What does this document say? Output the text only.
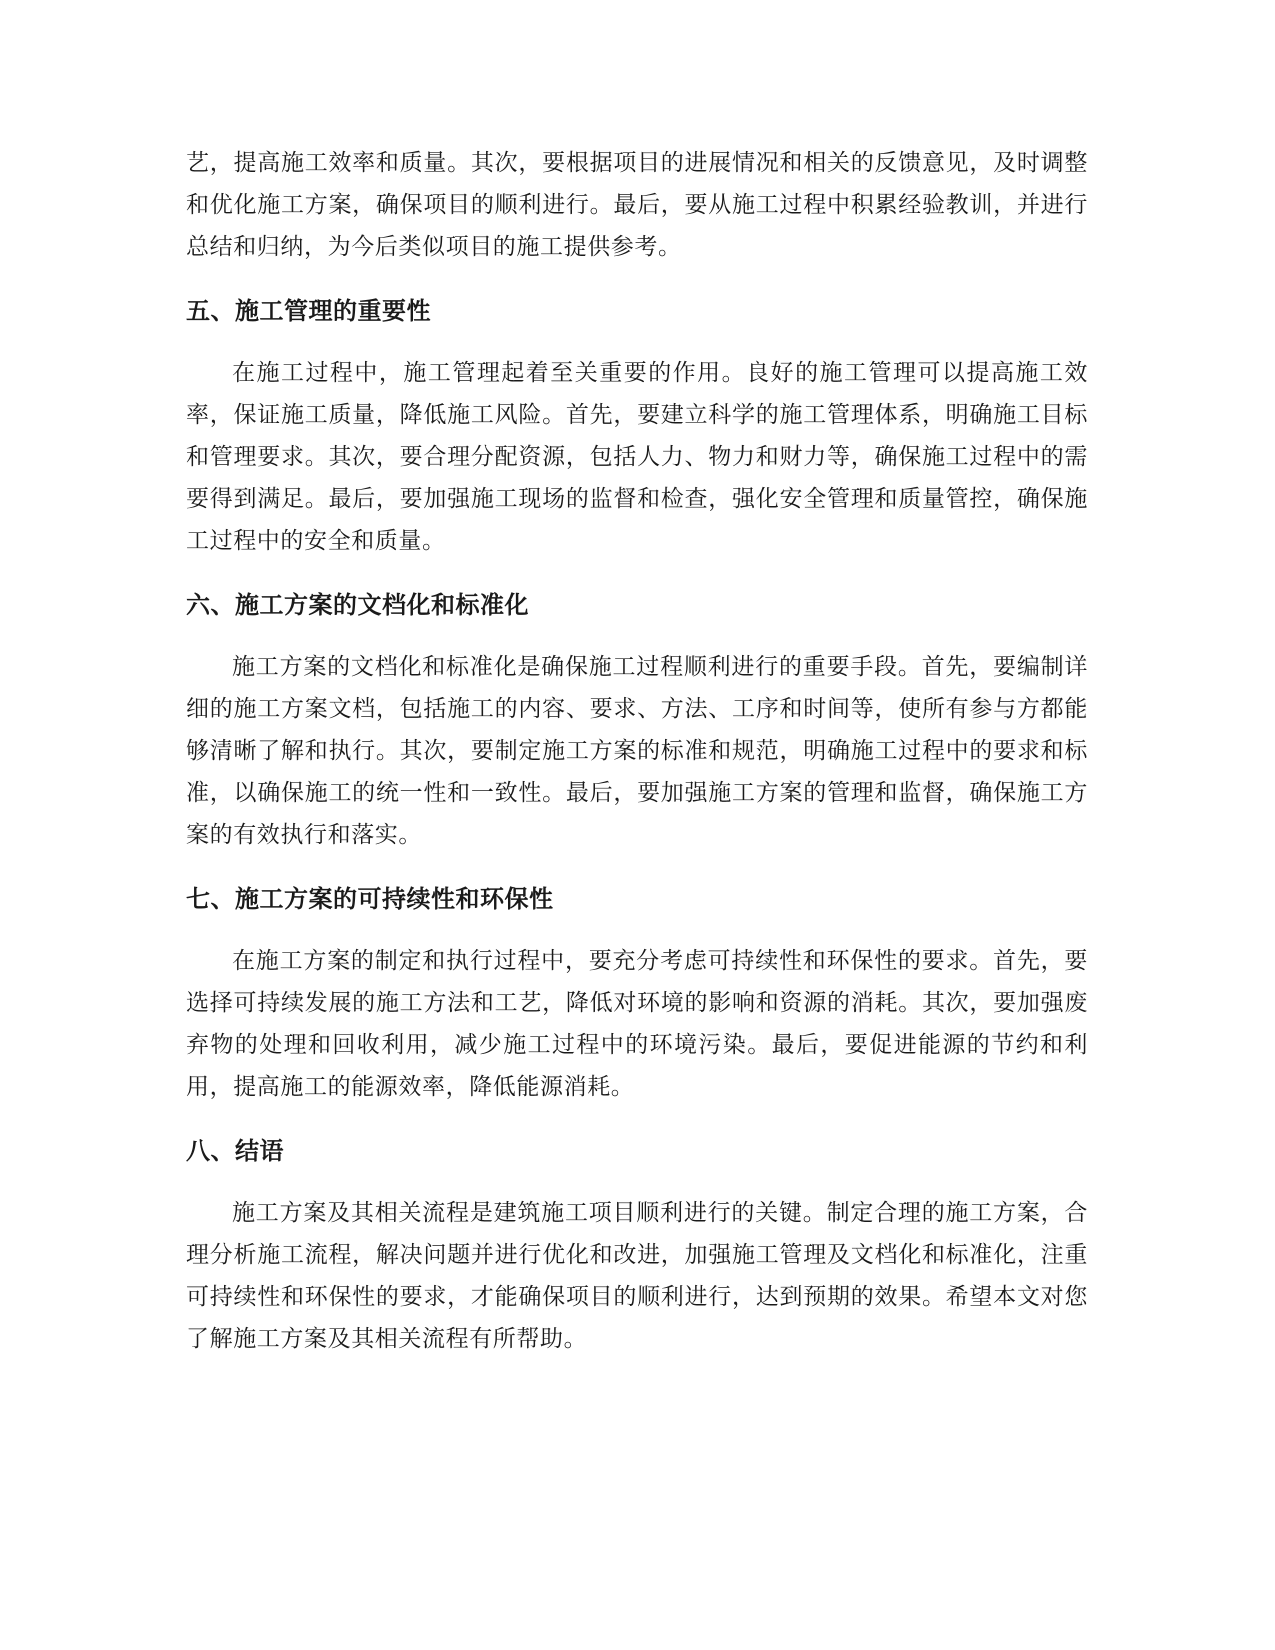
艺，提高施工效率和质量。其次，要根据项目的进展情况和相关的反馈意见，及时调整和优化施工方案，确保项目的顺利进行。最后，要从施工过程中积累经验教训，并进行总结和归纳，为今后类似项目的施工提供参考。

五、施工管理的重要性

在施工过程中，施工管理起着至关重要的作用。良好的施工管理可以提高施工效率，保证施工质量，降低施工风险。首先，要建立科学的施工管理体系，明确施工目标和管理要求。其次，要合理分配资源，包括人力、物力和财力等，确保施工过程中的需要得到满足。最后，要加强施工现场的监督和检查，强化安全管理和质量管控，确保施工过程中的安全和质量。

六、施工方案的文档化和标准化

施工方案的文档化和标准化是确保施工过程顺利进行的重要手段。首先，要编制详细的施工方案文档，包括施工的内容、要求、方法、工序和时间等，使所有参与方都能够清晰了解和执行。其次，要制定施工方案的标准和规范，明确施工过程中的要求和标准，以确保施工的统一性和一致性。最后，要加强施工方案的管理和监督，确保施工方案的有效执行和落实。

七、施工方案的可持续性和环保性

在施工方案的制定和执行过程中，要充分考虑可持续性和环保性的要求。首先，要选择可持续发展的施工方法和工艺，降低对环境的影响和资源的消耗。其次，要加强废弃物的处理和回收利用，减少施工过程中的环境污染。最后，要促进能源的节约和利用，提高施工的能源效率，降低能源消耗。

八、结语

施工方案及其相关流程是建筑施工项目顺利进行的关键。制定合理的施工方案，合理分析施工流程，解决问题并进行优化和改进，加强施工管理及文档化和标准化，注重可持续性和环保性的要求，才能确保项目的顺利进行，达到预期的效果。希望本文对您了解施工方案及其相关流程有所帮助。
